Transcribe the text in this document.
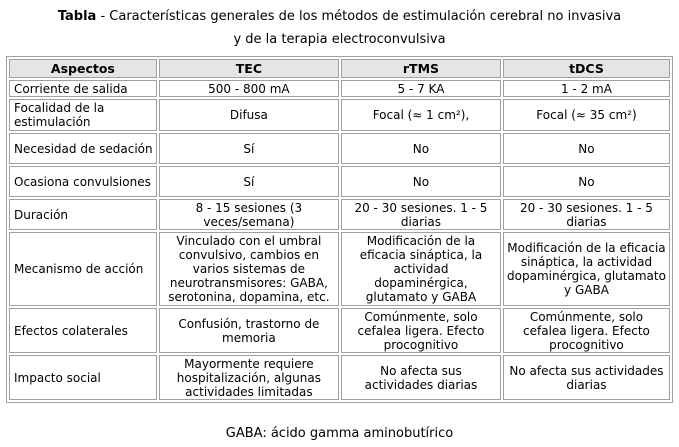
Tabla - Características generales de los métodos de estimulación cerebral no invasiva
y de la terapia electroconvulsiva
Aspectos	TEC	rTMS	tDCS
Corriente de salida	500 - 800 mA	5 - 7 KA	1 - 2 mA
Focalidad de la estimulación	Difusa	Focal (≈ 1 cm²),	Focal (≈ 35 cm²)
Necesidad de sedación	Sí	No	No
Ocasiona convulsiones	Sí	No	No
Duración	8 - 15 sesiones (3 veces/semana)	20 - 30 sesiones. 1 - 5 diarias	20 - 30 sesiones. 1 - 5 diarias
Mecanismo de acción	Vinculado con el umbral convulsivo, cambios en varios sistemas de neurotransmisores: GABA, serotonina, dopamina, etc.	Modificación de la eficacia sináptica, la actividad dopaminérgica, glutamato y GABA	Modificación de la eficacia sináptica, la actividad dopaminérgica, glutamato y GABA
Efectos colaterales	Confusión, trastorno de memoria	Comúnmente, solo cefalea ligera. Efecto procognitivo	Comúnmente, solo cefalea ligera. Efecto procognitivo
Impacto social	Mayormente requiere hospitalización, algunas actividades limitadas	No afecta sus actividades diarias	No afecta sus actividades diarias
GABA: ácido gamma aminobutírico
